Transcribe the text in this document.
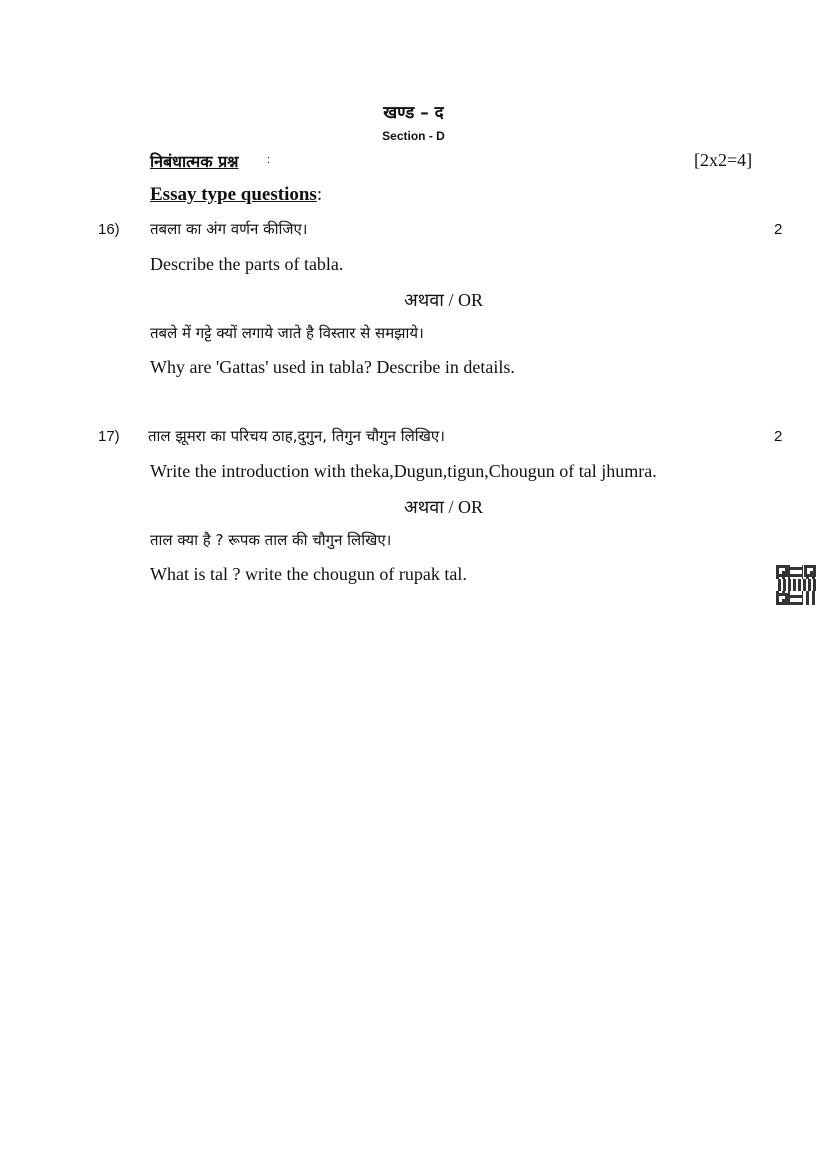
खण्ड – द
Section - D
निबंधात्मक प्रश्न	:	[2x2=4]
Essay type questions:
16) तबला का अंग वर्णन कीजिए।	2
Describe the parts of tabla.
अथवा / OR
तबले में गट्टे क्यों लगाये जाते है विस्तार से समझाये।
Why are 'Gattas' used in tabla? Describe in details.
17) ताल झूमरा का परिचय ठाह,दुगुन, तिगुन चौगुन लिखिए।	2
Write the introduction with theka,Dugun,tigun,Chougun of tal jhumra.
अथवा / OR
ताल क्या है ? रूपक ताल की चौगुन लिखिए।
What is tal ? write the chougun of rupak tal.
